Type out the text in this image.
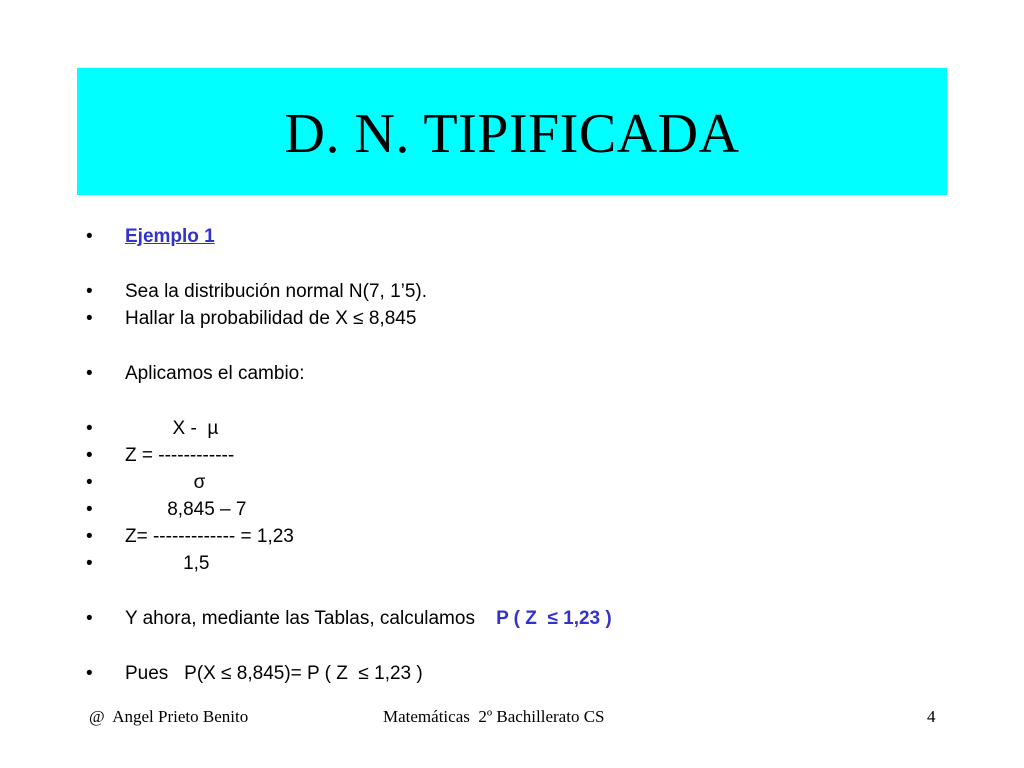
D. N. TIPIFICADA

•

Ejemplo 1

•

Sea la distribución normal N(7, 1’5).

•

Hallar la probabilidad de X ≤ 8,845

•

Aplicamos el cambio:

•

X -  µ

•

Z = ------------

•

σ

•

8,845 – 7

•

Z= ------------- = 1,23

•

1,5

•

Y ahora, mediante las Tablas, calculamos    P ( Z  ≤ 1,23 )

•

Pues   P(X ≤ 8,845)= P ( Z  ≤ 1,23 )

@  Angel Prieto Benito	Matemáticas  2º Bachillerato CS	4
